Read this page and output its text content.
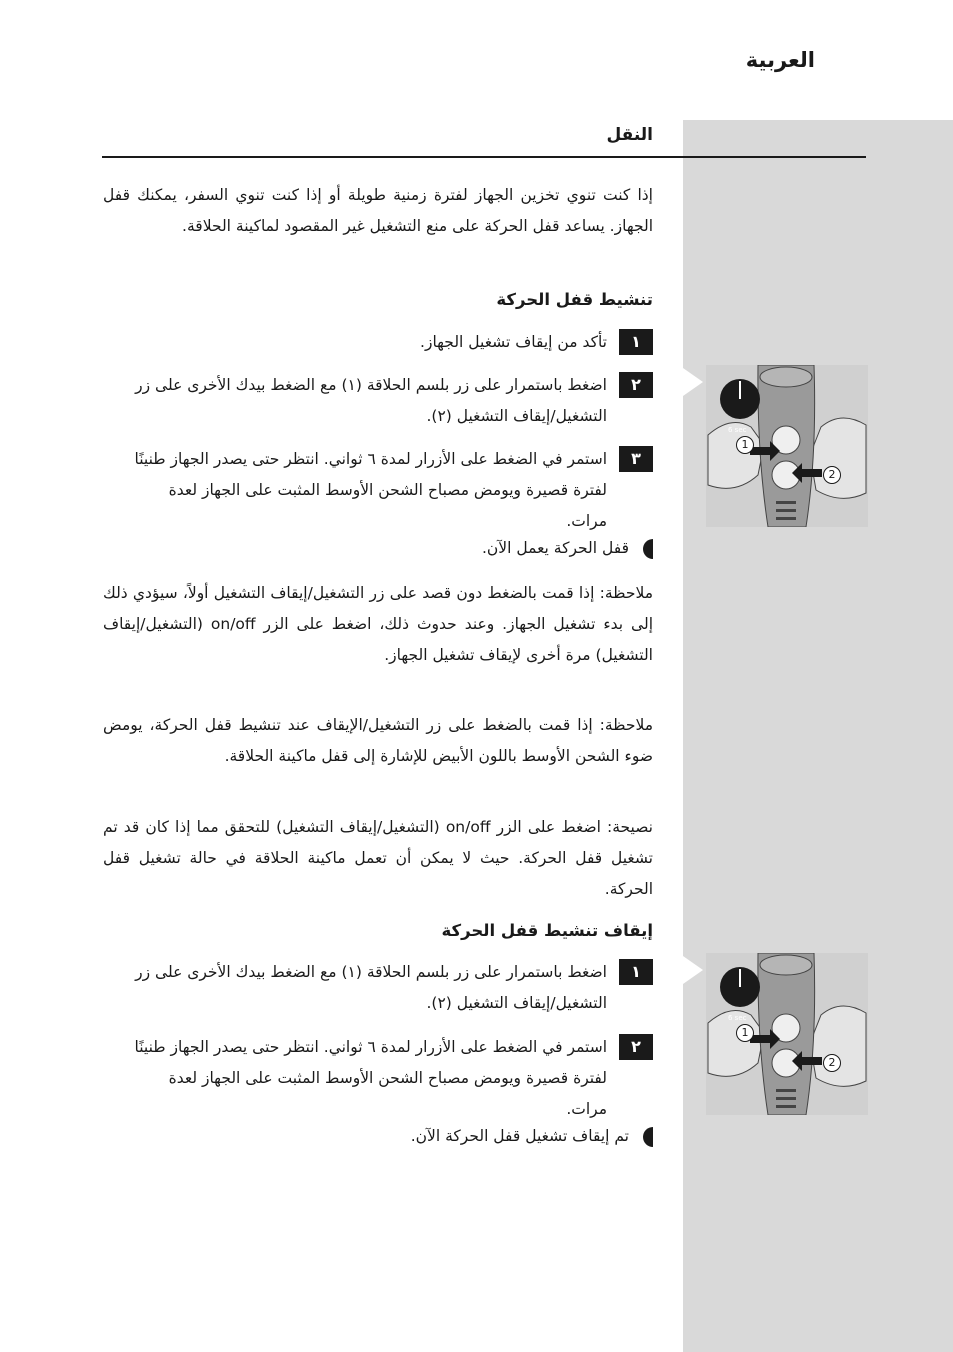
العربية
النقل
إذا كنت تنوي تخزين الجهاز لفترة زمنية طويلة أو إذا كنت تنوي السفر، يمكنك قفل الجهاز. يساعد قفل الحركة على منع التشغيل غير المقصود لماكينة الحلاقة.
تنشيط قفل الحركة
١
تأكد من إيقاف تشغيل الجهاز.
٢
اضغط باستمرار على زر بلسم الحلاقة (١) مع الضغط بيدك الأخرى على زر التشغيل/إيقاف التشغيل (٢).
٣
استمر في الضغط على الأزرار لمدة ٦ ثواني. انتظر حتى يصدر الجهاز طنينًا لفترة قصيرة ويومض مصباح الشحن الأوسط المثبت على الجهاز لعدة مرات.
قفل الحركة يعمل الآن.
ملاحظة: إذا قمت بالضغط دون قصد على زر التشغيل/إيقاف التشغيل أولاً، سيؤدي ذلك إلى بدء تشغيل الجهاز. وعند حدوث ذلك، اضغط على الزر on/off (التشغيل/إيقاف التشغيل) مرة أخرى لإيقاف تشغيل الجهاز.
ملاحظة: إذا قمت بالضغط على زر التشغيل/الإيقاف عند تنشيط قفل الحركة، يومض ضوء الشحن الأوسط باللون الأبيض للإشارة إلى قفل ماكينة الحلاقة.
نصيحة: اضغط على الزر on/off (التشغيل/إيقاف التشغيل) للتحقق مما إذا كان قد تم تشغيل قفل الحركة. حيث لا يمكن أن تعمل ماكينة الحلاقة في حالة تشغيل قفل الحركة.
إيقاف تنشيط قفل الحركة
١
اضغط باستمرار على زر بلسم الحلاقة (١) مع الضغط بيدك الأخرى على زر التشغيل/إيقاف التشغيل (٢).
٢
استمر في الضغط على الأزرار لمدة ٦ ثواني. انتظر حتى يصدر الجهاز طنينًا لفترة قصيرة ويومض مصباح الشحن الأوسط المثبت على الجهاز لعدة مرات.
تم إيقاف تشغيل قفل الحركة الآن.
6 sec
1
2
6 sec
1
2
